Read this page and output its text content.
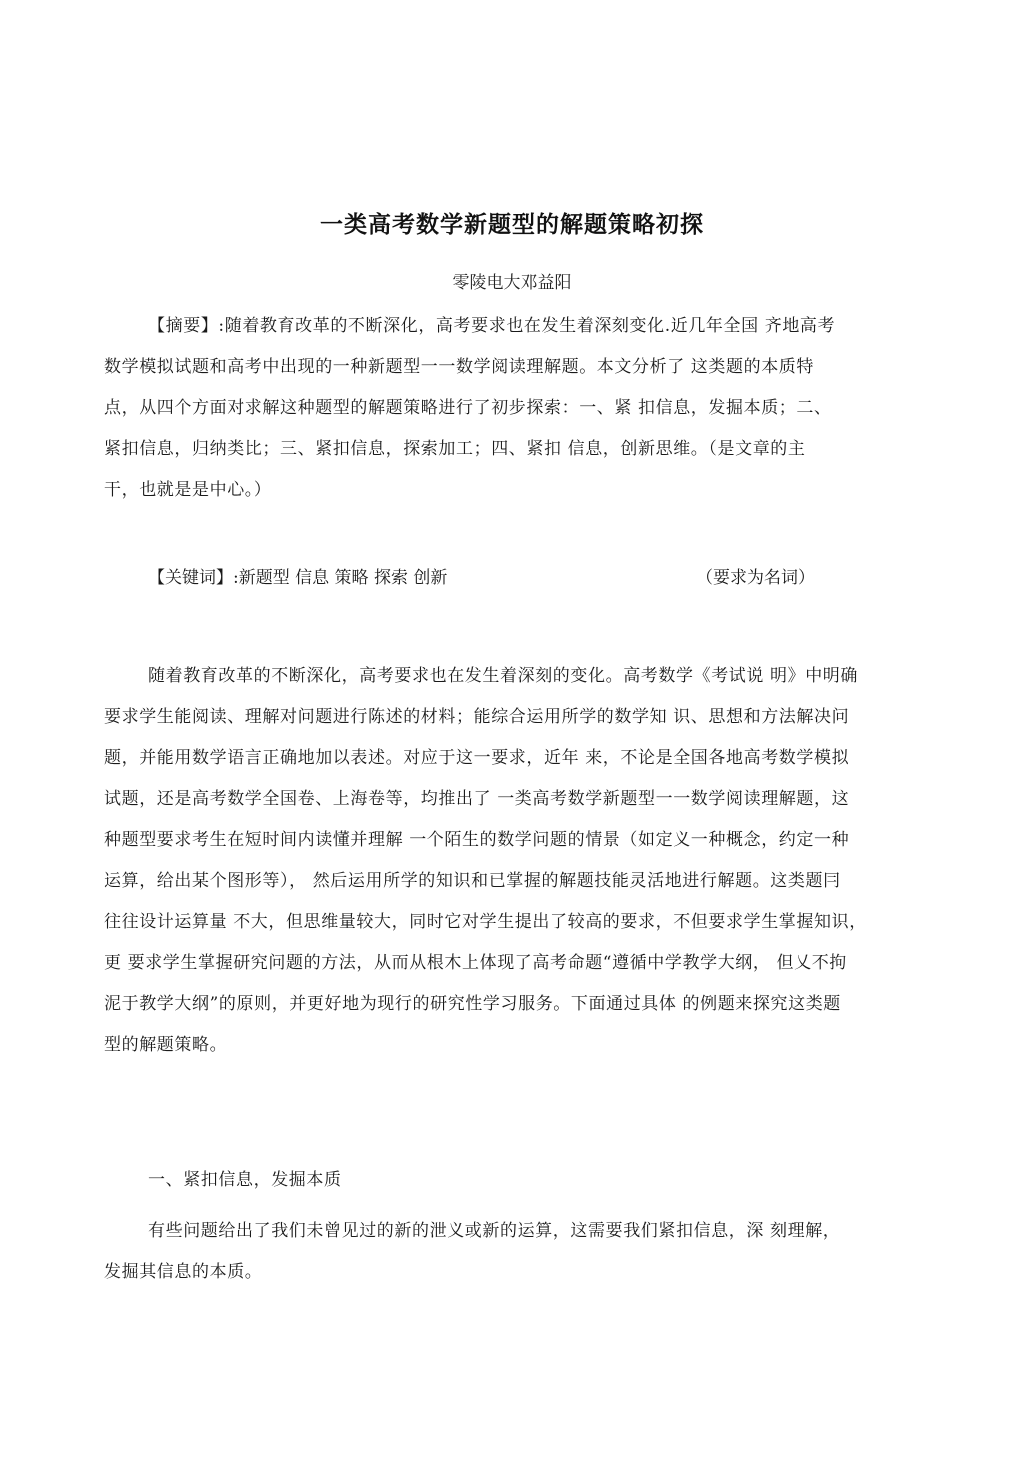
一类高考数学新题型的解题策略初探
零陵电大邓益阳
【摘要】:随着教育改革的不断深化，高考要求也在发生着深刻变化.近几年全国 齐地高考
数学模拟试题和高考中出现的一种新题型一一数学阅读理解题。本文分析了 这类题的本质特
点，从四个方面对求解这种题型的解题策略进行了初步探索：一、紧 扣信息，发掘本质；二、
紧扣信息，归纳类比；三、紧扣信息，探索加工；四、紧扣 信息，创新思维。（是文章的主
干，也就是是中心。）
【关键词】:新题型 信息 策略 探索 创新	（要求为名词）
随着教育改革的不断深化，高考要求也在发生着深刻的变化。高考数学《考试说 明》中明确
要求学生能阅读、理解对问题进行陈述的材料；能综合运用所学的数学知 识、思想和方法解决问
题，并能用数学语言正确地加以表述。对应于这一要求，近年 来，不论是全国各地高考数学模拟
试题，还是高考数学全国卷、上海卷等，均推出了 一类高考数学新题型一一数学阅读理解题，这
种题型要求考生在短时间内读懂并理解 一个陌生的数学问题的情景（如定义一种概念，约定一种
运算，给出某个图形等）， 然后运用所学的知识和已掌握的解题技能灵活地进行解题。这类题冃
往往设计运算量 不大，但思维量较大，同时它对学生提出了较高的要求，不但要求学生掌握知识，
更 要求学生掌握研究问题的方法，从而从根木上体现了高考命题“遵循中学教学大纲， 但乂不拘
泥于教学大纲”的原则，并更好地为现行的研究性学习服务。下面通过具体 的例题来探究这类题
型的解题策略。
一、紧扣信息，发掘本质
有些问题给出了我们未曾见过的新的泄义或新的运算，这需要我们紧扣信息，深 刻理解，
发掘其信息的本质。
